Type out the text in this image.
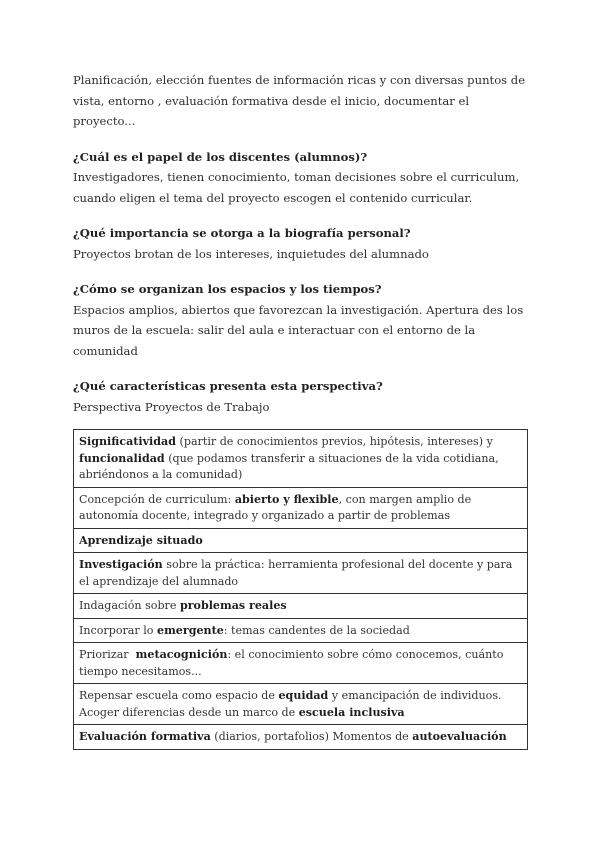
Planificación, elección fuentes de información ricas y con diversas puntos de

vista, entorno , evaluación formativa desde el inicio, documentar el proyecto...

¿Cuál es el papel de los discentes (alumnos)?

Investigadores, tienen conocimiento, toman decisiones sobre el curriculum,

cuando eligen el tema del proyecto escogen el contenido curricular.

¿Qué importancia se otorga a la biografía personal?

Proyectos brotan de los intereses, inquietudes del alumnado

¿Cómo se organizan los espacios y los tiempos?

Espacios amplios, abiertos que favorezcan la investigación. Apertura des los

muros de la escuela: salir del aula e interactuar con el entorno de la comunidad

¿Qué características presenta esta perspectiva?

Perspectiva Proyectos de Trabajo

Significatividad (partir de conocimientos previos, hipótesis, intereses) y funcionalidad (que podamos transferir a situaciones de la vida cotidiana, abriéndonos a la comunidad)
Concepción de curriculum: abierto y flexible, con margen amplio de autonomía docente, integrado y organizado a partir de problemas
Aprendizaje situado
Investigación sobre la práctica: herramienta profesional del docente y para el aprendizaje del alumnado
Indagación sobre problemas reales
Incorporar lo emergente: temas candentes de la sociedad
Priorizar  metacognición: el conocimiento sobre cómo conocemos, cuánto tiempo necesitamos...
Repensar escuela como espacio de equidad y emancipación de individuos. Acoger diferencias desde un marco de escuela inclusiva
Evaluación formativa (diarios, portafolios) Momentos de autoevaluación
